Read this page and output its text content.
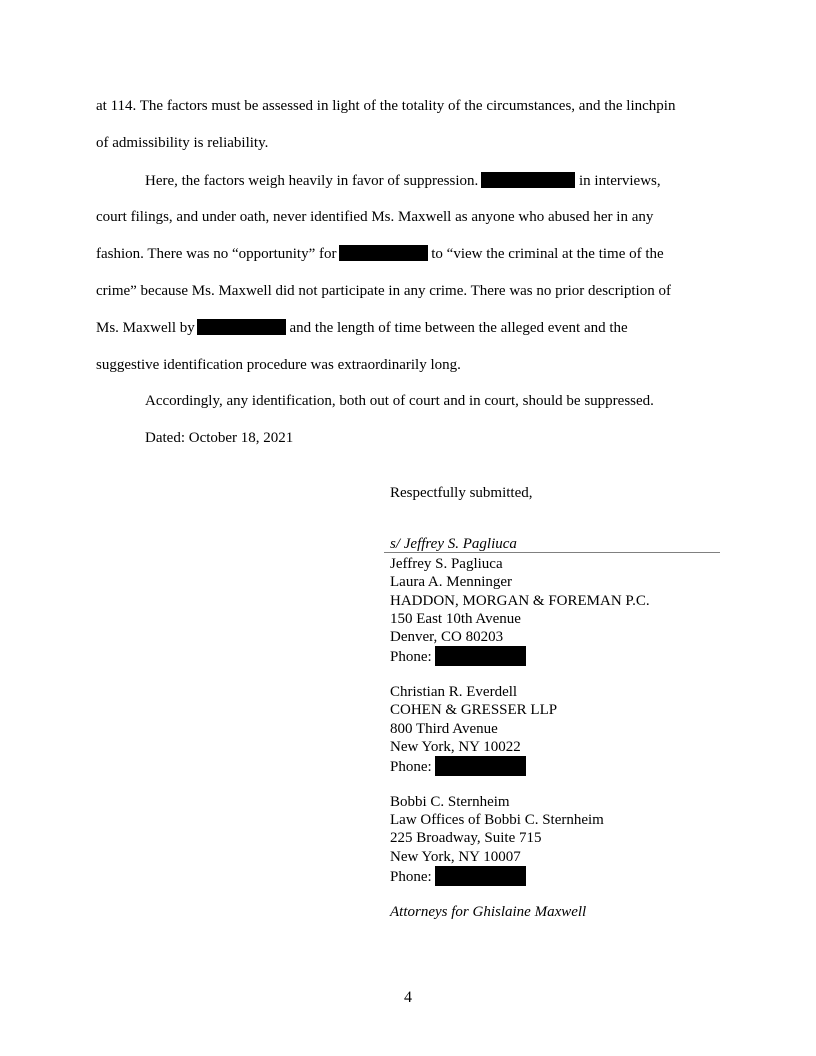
at 114. The factors must be assessed in light of the totality of the circumstances, and the linchpin
of admissibility is reliability.
Here, the factors weigh heavily in favor of suppression.	in interviews,
court filings, and under oath, never identified Ms. Maxwell as anyone who abused her in any
fashion. There was no “opportunity” for	to “view the criminal at the time of the
crime” because Ms. Maxwell did not participate in any crime. There was no prior description of
Ms. Maxwell by	and the length of time between the alleged event and the
suggestive identification procedure was extraordinarily long.
Accordingly, any identification, both out of court and in court, should be suppressed.
Dated: October 18, 2021
Respectfully submitted,
s/ Jeffrey S. Pagliuca
Jeffrey S. Pagliuca
Laura A. Menninger
HADDON, MORGAN & FOREMAN P.C.
150 East 10th Avenue
Denver, CO 80203
Phone:
Christian R. Everdell
COHEN & GRESSER LLP
800 Third Avenue
New York, NY 10022
Phone:
Bobbi C. Sternheim
Law Offices of Bobbi C. Sternheim
225 Broadway, Suite 715
New York, NY 10007
Phone:
Attorneys for Ghislaine Maxwell
4
